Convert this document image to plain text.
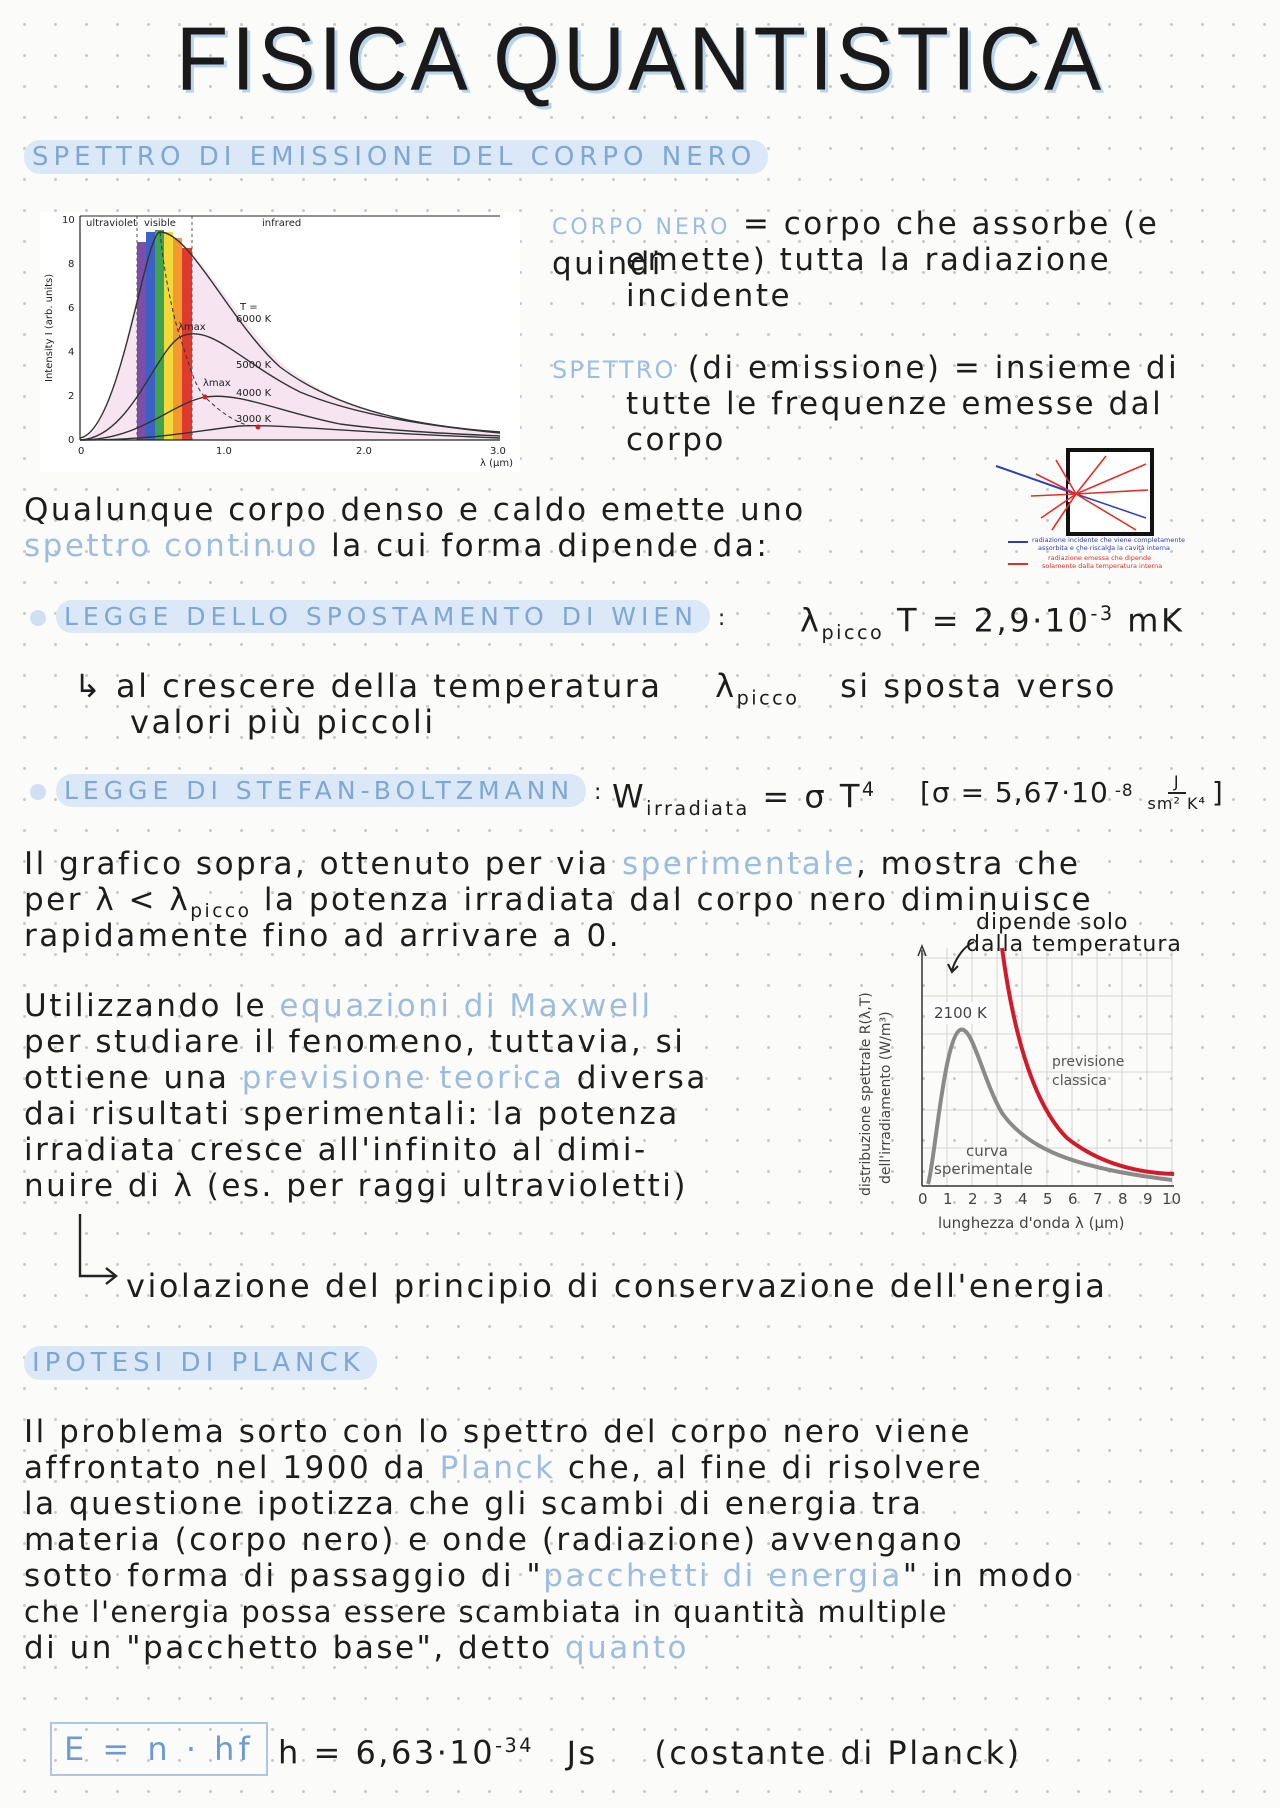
FISICA QUANTISTICA
SPETTRO DI EMISSIONE DEL CORPO NERO
ultraviolet visible	infrared
T =
6000 K
5000 K
4000 K
3000 K
λmax
λmax
0
2
4
6
8
10
0	1.0	2.0	3.0
λ (μm)
Intensity I (arb. units)
CORPO NERO = corpo che assorbe (e quindi
emette) tutta la radiazione
incidente
SPETTRO (di emissione) = insieme di
tutte le frequenze emesse dal
corpo
Qualunque corpo denso e caldo emette uno
spettro continuo la cui forma dipende da:	radiazione incidente che viene completamente
assorbita e che riscalda la cavità interna
radiazione emessa che dipende
solamente dalla temperatura interna
LEGGE DELLO SPOSTAMENTO DI WIEN : $\lambda_{picco}$ $T = 2,9\cdot 10^{-3}$ mK
↳ al crescere della temperatura $\lambda_{picco}$ si sposta verso
valori più piccoli
LEGGE DI STEFAN-BOLTZMANN : $W_{irradiata} = \sigma$ $T^4$ [σ = 5,67·10 $-8 \frac{J}{\text{sm² K⁴}}$ ]
Il grafico sopra, ottenuto per via sperimentale, mostra che
per $\lambda < \lambda_{picco}$ la potenza irradiata dal corpo nero diminuisce
rapidamente fino ad arrivare a 0.
Utilizzando le equazioni di Maxwell
per studiare il fenomeno, tuttavia, si
ottiene una previsione teorica diversa
dai risultati sperimentali: la potenza
irradiata cresce all'infinito al dimi-
nuire di λ (es. per raggi ultravioletti)
2100 K
previsione
classica
curva
sperimentale
0 1 2 3 4 5 6 7 8 9 10
lunghezza d'onda λ (µm)
distribuzione spettrale R(λ,T) dell'irradiamento (W/m³)
dipende solo
dalla temperatura
violazione del principio di conservazione dell'energia
IPOTESI DI PLANCK
Il problema sorto con lo spettro del corpo nero viene
affrontato nel 1900 da Planck che, al fine di risolvere
la questione ipotizza che gli scambi di energia tra
materia (corpo nero) e onde (radiazione) avvengano
sotto forma di passaggio di "pacchetti di energia" in modo
che l'energia possa essere scambiata in quantità multiple
di un "pacchetto base", detto quanto
E = n · hf $h = 6,63\cdot 10^{-34}$ Js (costante di Planck)
